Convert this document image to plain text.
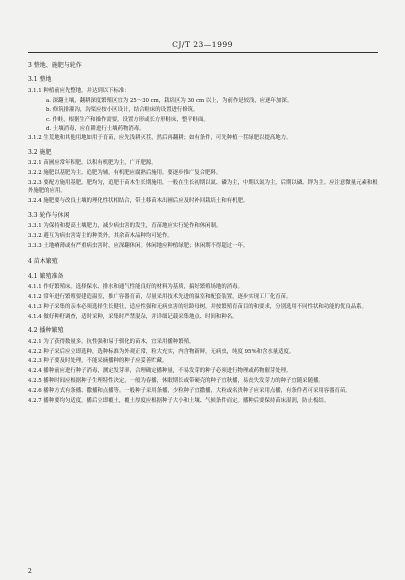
CJ/T 23—1999
3 整地、施肥与轮作
3.1 整地
3.1.1 种植前应先整地，并达到以下标准：
a. 深翻土壤，翻耕深度繁殖区宜为 25～30 cm，栽培区为 30 cm 以上，为前作是较浅，应逐年加深。
b. 修筑排灌沟，沟渠应按小区设计，结合畦床的设置进行修筑。
c. 作畦，根据生产和操作需要，设置方形或长方形畦床，整平畦面。
d. 土壤消毒，应在耕进行土壤药物消毒。
3.1.2 生荒地和其他用地如用于育苗，应先浅耕灭茬，然后再翻耕；如有条件，可先种植一茬绿肥以提高地力。
3.2 施肥
3.2.1 苗圃应常年积肥，以积有机肥为主，广开肥源。
3.2.2 施肥以基肥为主，追肥为辅，有机肥应腐熟后施用。要逐步推广复合肥料。
3.2.3 要配方施用基肥，肥均匀，追肥于苗木生长期施用，一般在生长初期以氮、磷为主，中期以氮为主，后期以磷、钾为主。应注意微量元素和根外施肥的应用。
3.2.4 施肥要与改良土壤的理化性状相结合，带土移苗木出圃后应及时补回栽培土和有机肥。
3.3 轮作与休闲
3.3.1 为保持和提高土壤肥力，减少病虫害的发生，育苗地应实行轮作和休闲制。
3.3.2 避互为病虫害寄主的种类外，其余苗木品种均可轮作。
3.3.3 土地瘠薄或有严重病虫害时，应深翻休闲。休闲地应种植绿肥；休闲期不得超过一年。
4 苗木繁殖
4.1 繁殖准备
4.1.1 作好繁殖床。选择保水、排水和通气性能良好的材料为基质，搞好繁殖场地的消毒。
4.1.2 常年进行繁殖要建造温室，推广容器育苗，尽量采用技术先进的温室和配套装置，逐步实现工厂化育苗。
4.1.3 种子采集的亲本必须选择生长健壮，适应性强和无病虫害的壮龄母树，并按繁殖育苗目的和要求，分别选用不同性状和功能的优良品系。
4.1.4 做好种籽调查，适时采种，采集时严禁混杂，并详细记载采集地点、时间和种名。
4.2 播种繁殖
4.2.1 为了获得数量多，抗性强和易于驯化的苗木，宜采用播种繁殖。
4.2.2 种子采后应立即选种，选种标准为外观正常，粒大充实，内含物新鲜，无病虫，纯度 95%和含水量适度。
4.2.3 种子要及时处理，不能采摘播种的种子应妥善贮藏。
4.2.4 播种前应进行种子消毒，测定发芽率，合理确定播种量，不易发芽的种子必须进行物理或药物催芽处理。
4.2.5 播种时间应根据种子生理特性决定，一般为春播，休眠期长或带硬壳的种子宜秋播，易丧失发芽力的种子宜随采随播。
4.2.6 播种方式有条播、撒播和点播等。一般种子采用条播，少粒种子宜撒播，大粒或名贵种子应采用点播，有条件者可采用容器育苗。
4.2.7 播种要均匀适度，播后立即覆土，覆土厚度应根据种子大小和土壤、气候条件而定。播种后要保持苗床湿润，防止板结。
2
